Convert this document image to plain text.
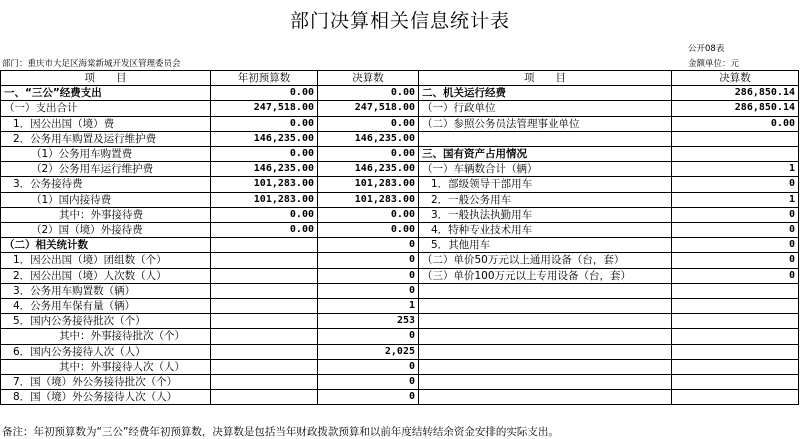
部门决算相关信息统计表
公开08表
部门：重庆市大足区海棠新城开发区管理委员会	金额单位：元
项　　目	年初预算数	决算数	项　　目	决算数
一、“三公”经费支出	0.00	0.00	二、机关运行经费	286,850.14
（一）支出合计	247,518.00	247,518.00	（一）行政单位	286,850.14
1．因公出国（境）费	0.00	0.00	（二）参照公务员法管理事业单位	0.00
2．公务用车购置及运行维护费	146,235.00	146,235.00		
（1）公务用车购置费	0.00	0.00	三、国有资产占用情况	
（2）公务用车运行维护费	146,235.00	146,235.00	（一）车辆数合计（辆）	1
3．公务接待费	101,283.00	101,283.00	1．部级领导干部用车	0
（1）国内接待费	101,283.00	101,283.00	2．一般公务用车	1
其中：外事接待费	0.00	0.00	3．一般执法执勤用车	0
（2）国（境）外接待费	0.00	0.00	4．特种专业技术用车	0
（二）相关统计数		0	5．其他用车	0
1．因公出国（境）团组数（个）		0	（二）单价50万元以上通用设备（台，套）	0
2．因公出国（境）人次数（人）		0	（三）单价100万元以上专用设备（台，套）	0
3．公务用车购置数（辆）		0		
4．公务用车保有量（辆）		1		
5．国内公务接待批次（个）		253		
其中：外事接待批次（个）		0		
6．国内公务接待人次（人）		2,025		
其中：外事接待人次（人）		0		
7．国（境）外公务接待批次（个）		0		
8．国（境）外公务接待人次（人）		0		
备注：年初预算数为“三公”经费年初预算数，决算数是包括当年财政拨款预算和以前年度结转结余资金安排的实际支出。
